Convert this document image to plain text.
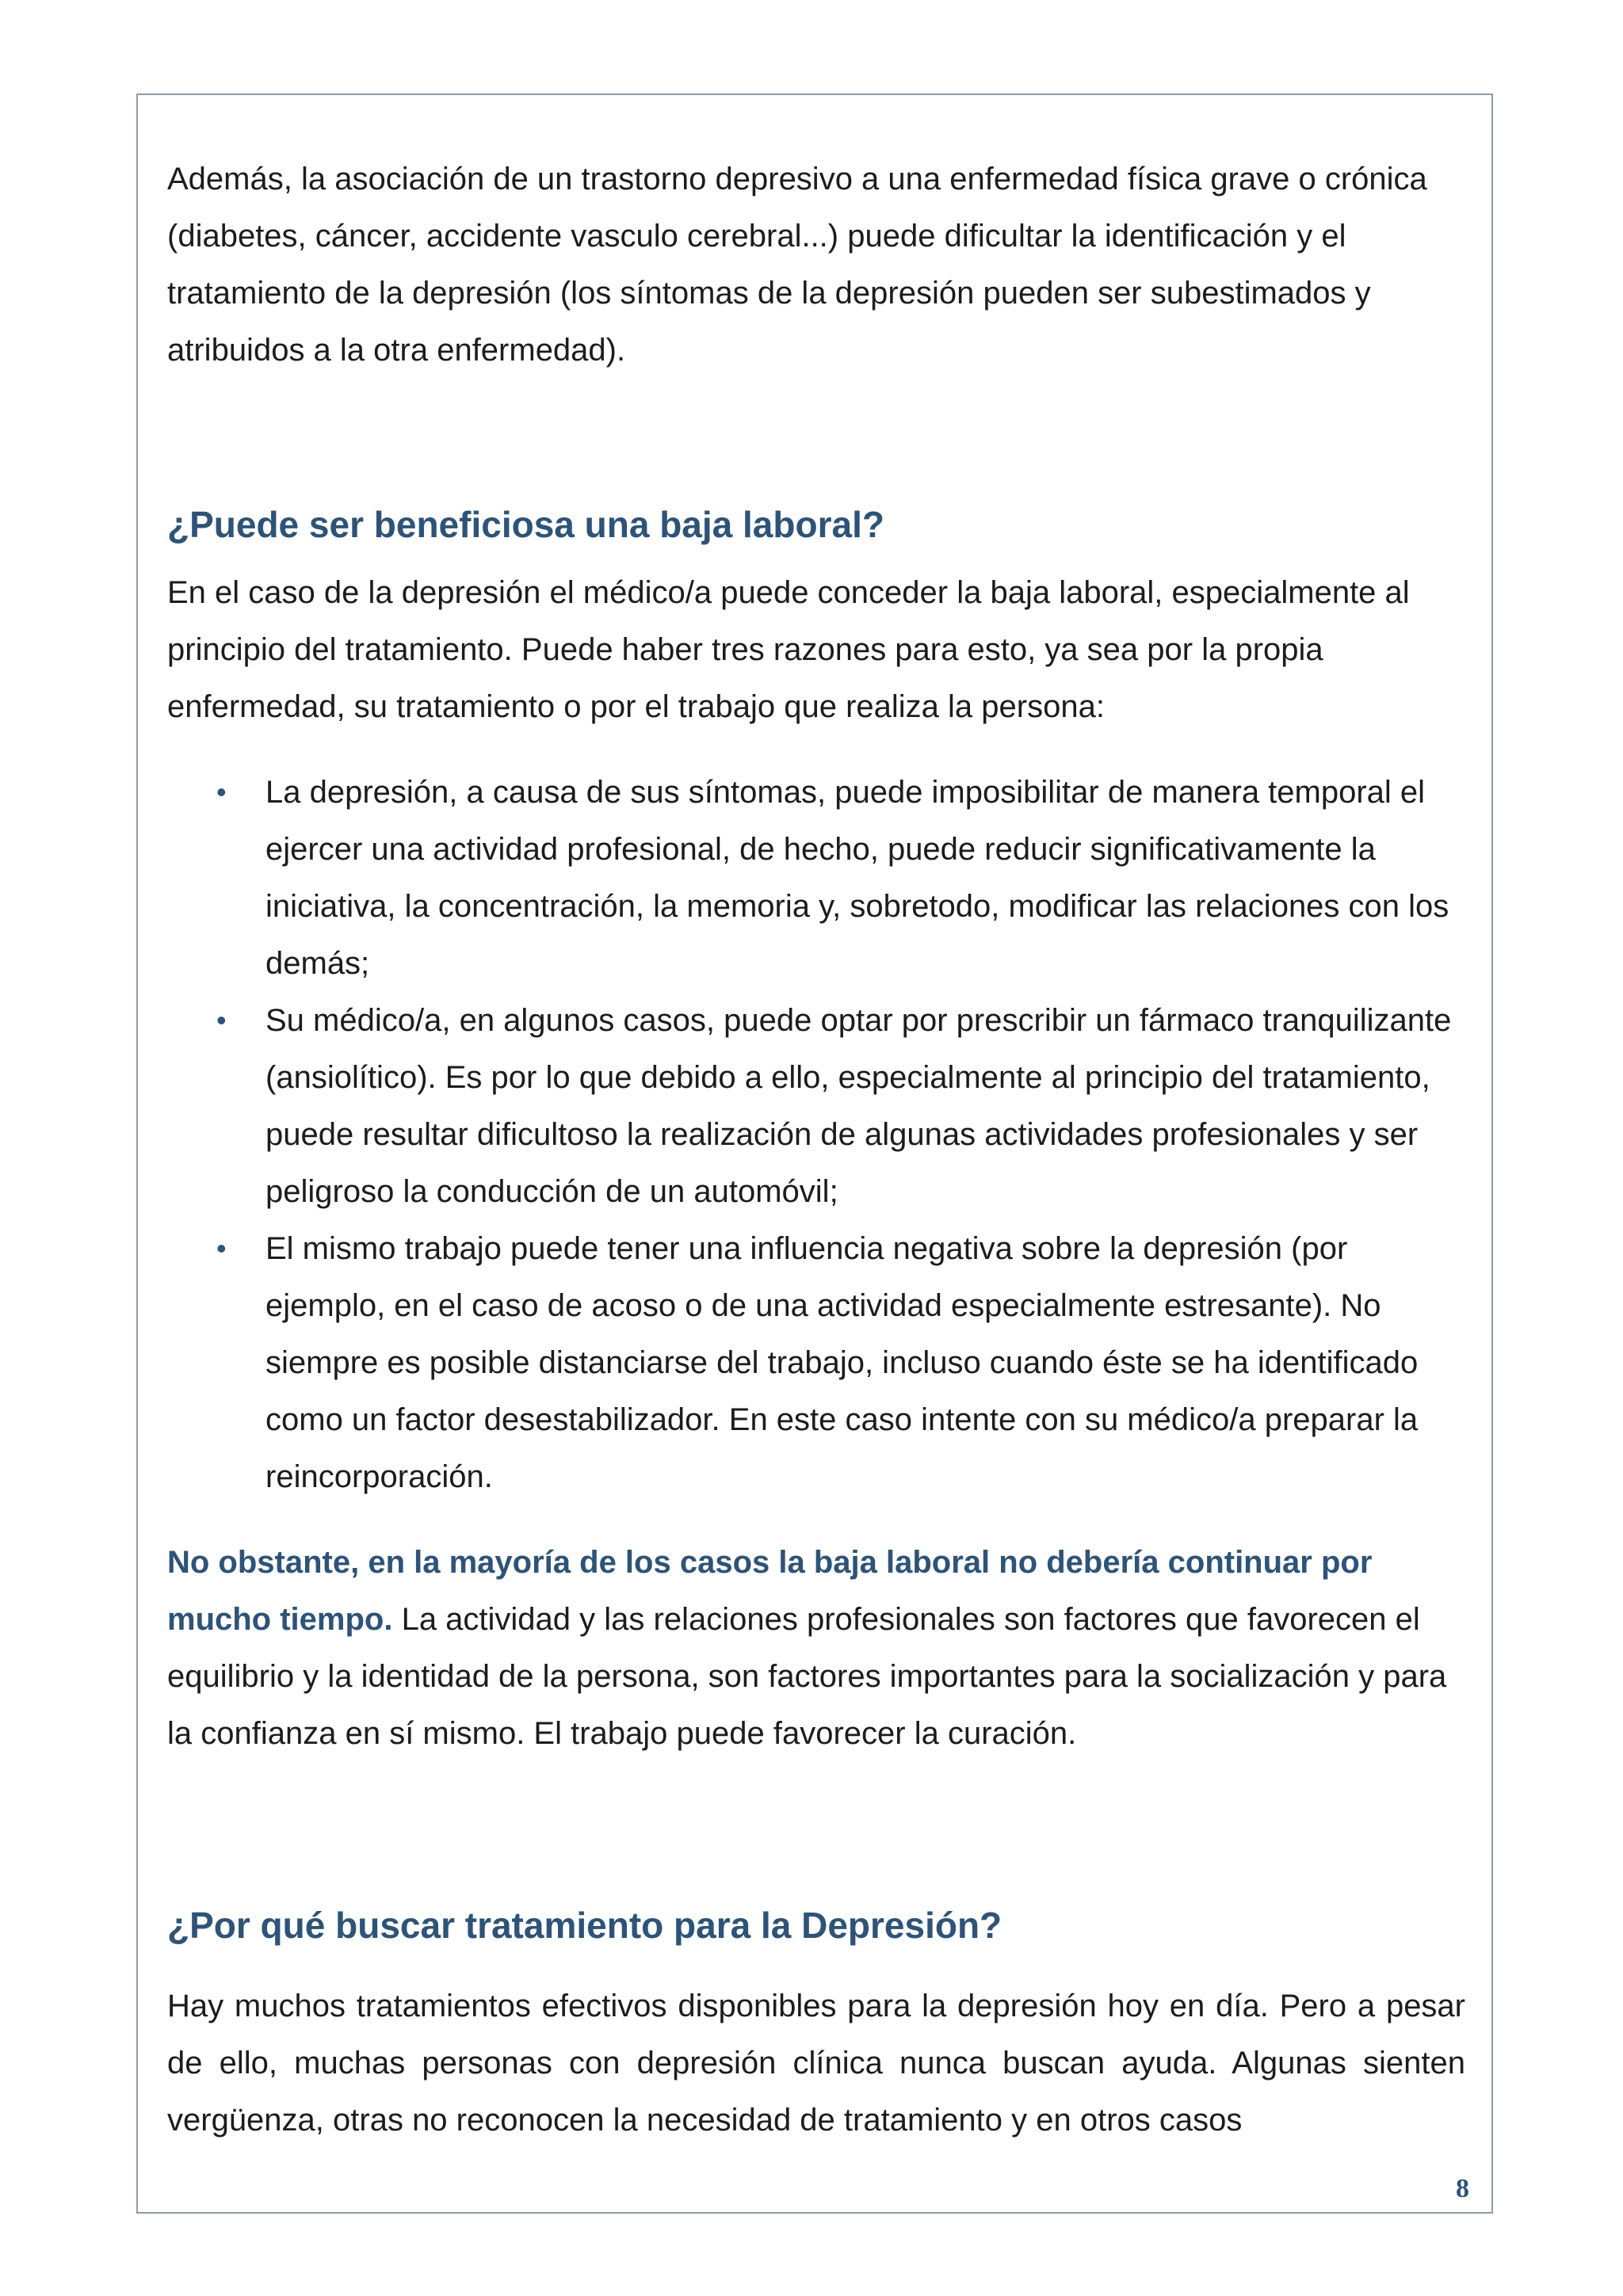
Además, la asociación de un trastorno depresivo a una enfermedad física grave o crónica (diabetes, cáncer, accidente vasculo cerebral...) puede dificultar la identificación y el tratamiento de la depresión (los síntomas de la depresión pueden ser subestimados y atribuidos a la otra enfermedad).

¿Puede ser beneficiosa una baja laboral?

En el caso de la depresión el médico/a puede conceder la baja laboral, especialmente al principio del tratamiento. Puede haber tres razones para esto, ya sea por la propia enfermedad, su tratamiento o por el trabajo que realiza la persona:

• La depresión, a causa de sus síntomas, puede imposibilitar de manera temporal el ejercer una actividad profesional, de hecho, puede reducir significativamente la iniciativa, la concentración, la memoria y, sobretodo, modificar las relaciones con los demás;
• Su médico/a, en algunos casos, puede optar por prescribir un fármaco tranquilizante (ansiolítico). Es por lo que debido a ello, especialmente al principio del tratamiento, puede resultar dificultoso la realización de algunas actividades profesionales y ser peligroso la conducción de un automóvil;
• El mismo trabajo puede tener una influencia negativa sobre la depresión (por ejemplo, en el caso de acoso o de una actividad especialmente estresante). No siempre es posible distanciarse del trabajo, incluso cuando éste se ha identificado como un factor desestabilizador. En este caso intente con su médico/a preparar la reincorporación.

No obstante, en la mayoría de los casos la baja laboral no debería continuar por mucho tiempo. La actividad y las relaciones profesionales son factores que favorecen el equilibrio y la identidad de la persona, son factores importantes para la socialización y para la confianza en sí mismo. El trabajo puede favorecer la curación.

¿Por qué buscar tratamiento para la Depresión?

Hay muchos tratamientos efectivos disponibles para la depresión hoy en día. Pero a pesar de ello, muchas personas con depresión clínica nunca buscan ayuda. Algunas sienten vergüenza, otras no reconocen la necesidad de tratamiento y en otros casos

8
